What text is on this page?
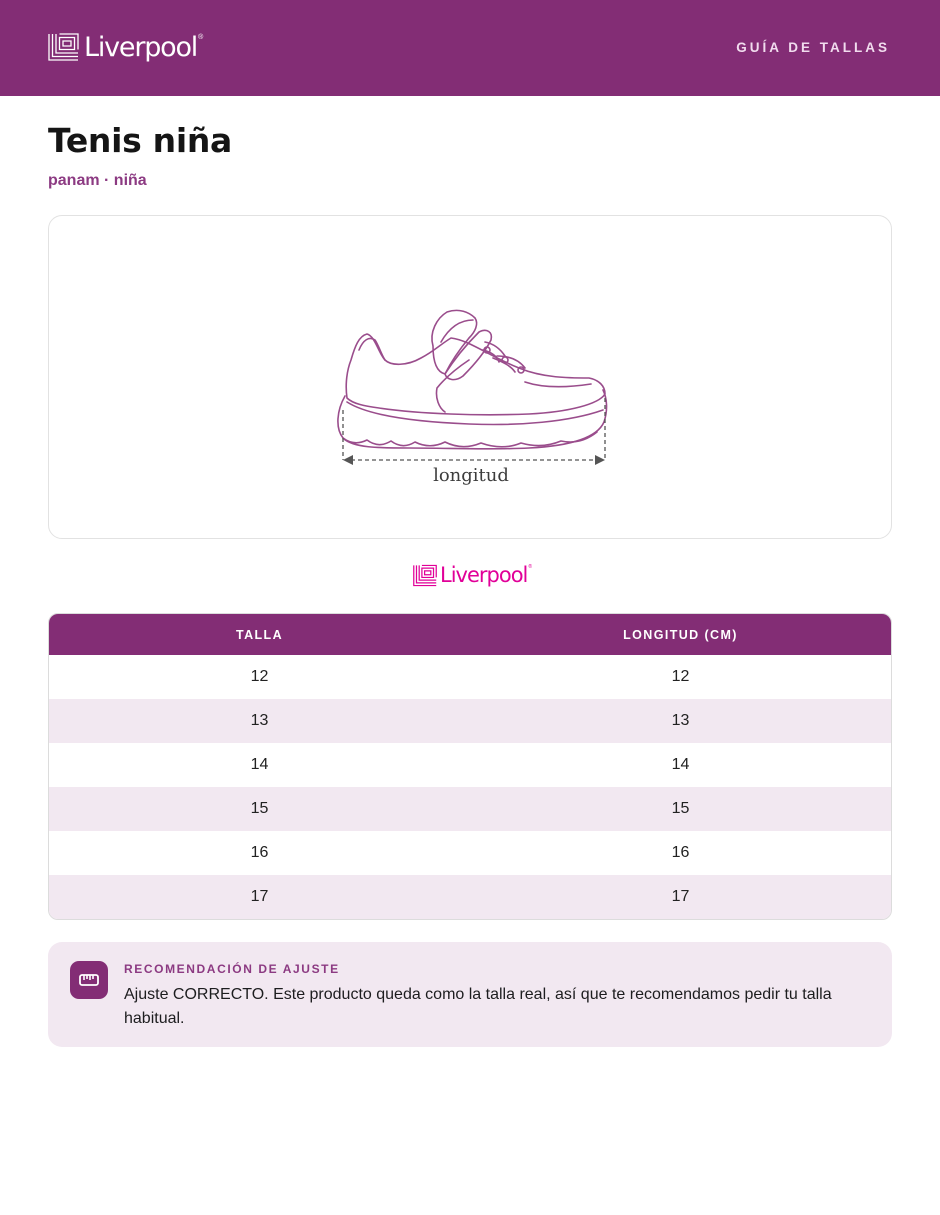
Liverpool ®
GUÍA DE TALLAS
Tenis niña
panam · niña
longitud
Liverpool ®
TALLA	LONGITUD (CM)
12	12
13	13
14	14
15	15
16	16
17	17
RECOMENDACIÓN DE AJUSTE
Ajuste CORRECTO. Este producto queda como la talla real, así que te recomendamos pedir tu talla habitual.
